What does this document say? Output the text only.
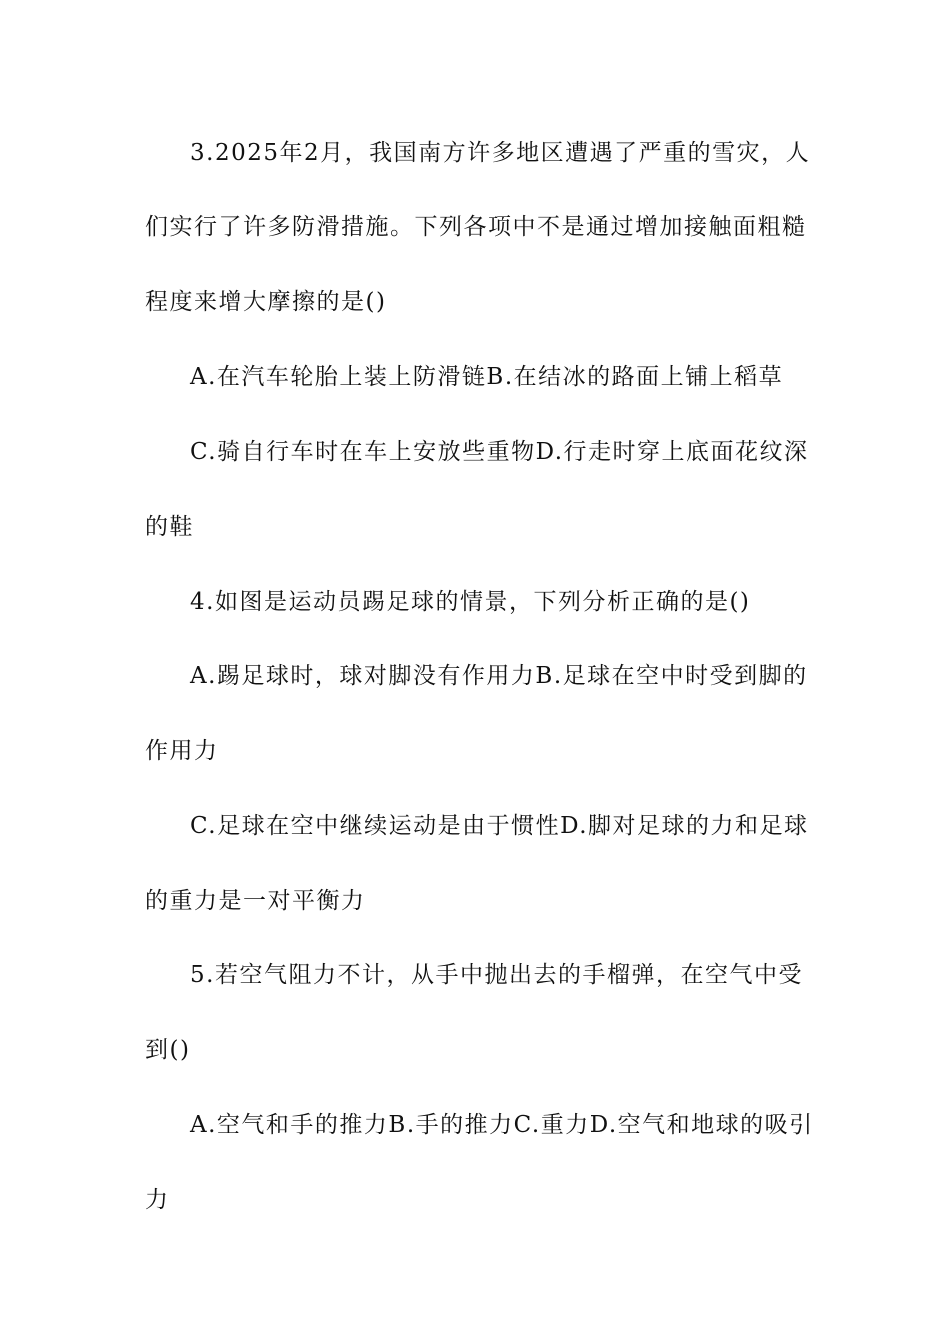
3.2025年2月，我国南方许多地区遭遇了严重的雪灾，人
们实行了许多防滑措施。下列各项中不是通过增加接触面粗糙
程度来增大摩擦的是()
A.在汽车轮胎上装上防滑链B.在结冰的路面上铺上稻草
C.骑自行车时在车上安放些重物D.行走时穿上底面花纹深
的鞋
4.如图是运动员踢足球的情景，下列分析正确的是()
A.踢足球时，球对脚没有作用力B.足球在空中时受到脚的
作用力
C.足球在空中继续运动是由于惯性D.脚对足球的力和足球
的重力是一对平衡力
5.若空气阻力不计，从手中抛出去的手榴弹，在空气中受
到()
A.空气和手的推力B.手的推力C.重力D.空气和地球的吸引
力
